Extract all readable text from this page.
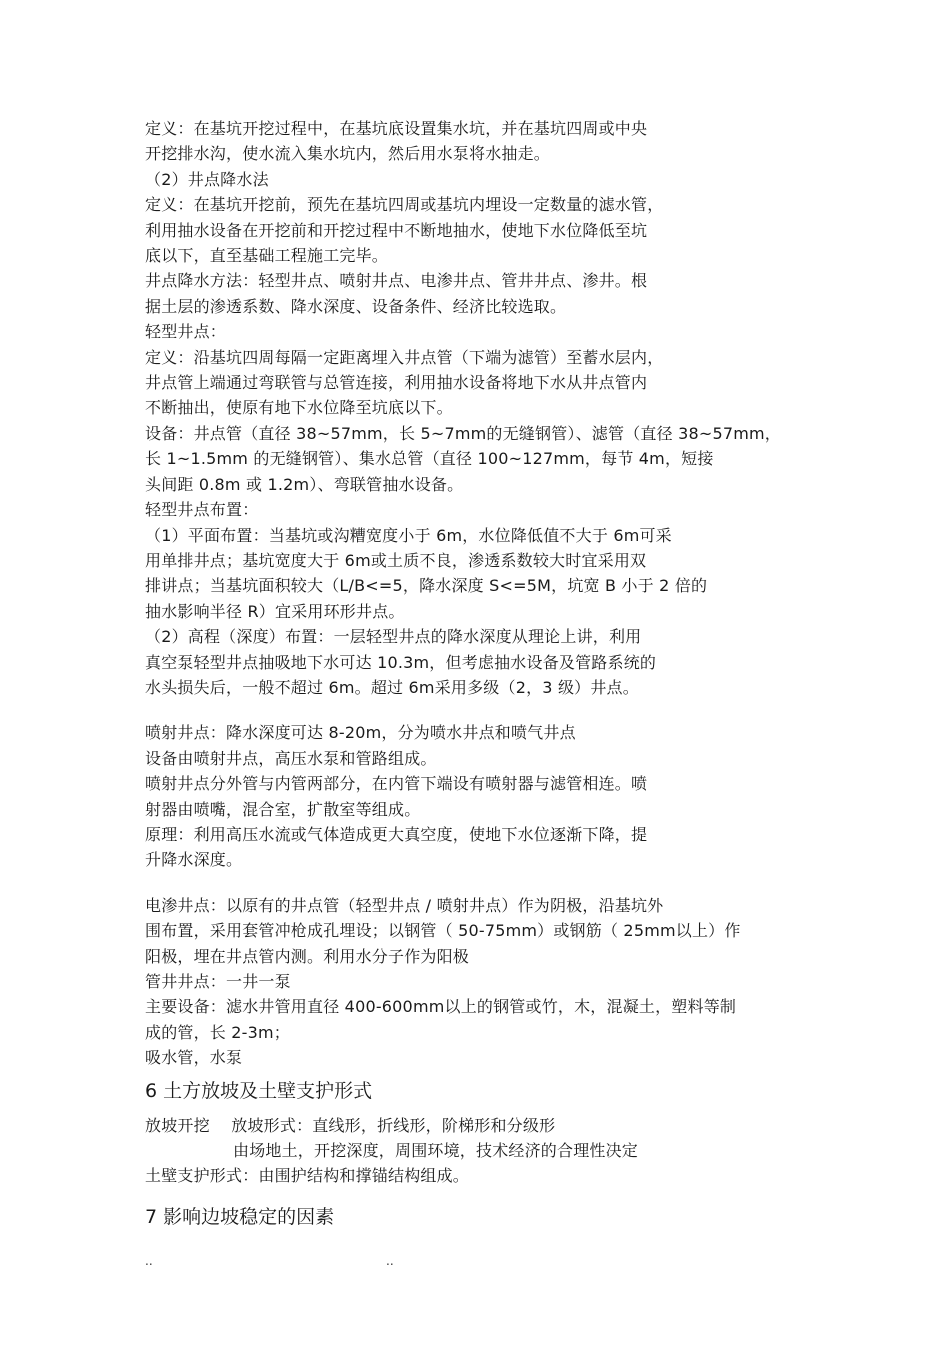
定义：在基坑开挖过程中，在基坑底设置集水坑，并在基坑四周或中央
开挖排水沟，使水流入集水坑内，然后用水泵将水抽走。
（2）井点降水法
定义：在基坑开挖前，预先在基坑四周或基坑内埋设一定数量的滤水管，
利用抽水设备在开挖前和开挖过程中不断地抽水，使地下水位降低至坑
底以下，直至基础工程施工完毕。
井点降水方法：轻型井点、喷射井点、电渗井点、管井井点、渗井。根
据土层的渗透系数、降水深度、设备条件、经济比较选取。
轻型井点：
定义：沿基坑四周每隔一定距离埋入井点管（下端为滤管）至蓄水层内，
井点管上端通过弯联管与总管连接，利用抽水设备将地下水从井点管内
不断抽出，使原有地下水位降至坑底以下。
设备：井点管（直径 38~57mm，长 5~7mm的无缝钢管）、滤管（直径 38~57mm，
长 1~1.5mm 的无缝钢管）、集水总管（直径 100~127mm，每节 4m，短接
头间距 0.8m 或 1.2m）、弯联管抽水设备。
轻型井点布置：
（1）平面布置：当基坑或沟糟宽度小于 6m，水位降低值不大于 6m可采
用单排井点；基坑宽度大于 6m或土质不良，渗透系数较大时宜采用双
排讲点；当基坑面积较大（L/B<=5，降水深度 S<=5M，坑宽 B 小于 2 倍的
抽水影响半径 R）宜采用环形井点。
（2）高程（深度）布置：一层轻型井点的降水深度从理论上讲，利用
真空泵轻型井点抽吸地下水可达 10.3m，但考虑抽水设备及管路系统的
水头损失后，一般不超过 6m。超过 6m采用多级（2，3 级）井点。
喷射井点：降水深度可达 8-20m，分为喷水井点和喷气井点
设备由喷射井点，高压水泵和管路组成。
喷射井点分外管与内管两部分，在内管下端设有喷射器与滤管相连。喷
射器由喷嘴，混合室，扩散室等组成。
原理：利用高压水流或气体造成更大真空度，使地下水位逐渐下降，提
升降水深度。
电渗井点：以原有的井点管（轻型井点 / 喷射井点）作为阴极，沿基坑外
围布置，采用套管冲枪成孔埋设；以钢管（ 50-75mm）或钢筋（ 25mm以上）作
阳极，埋在井点管内测。利用水分子作为阳极
管井井点：一井一泵
主要设备：滤水井管用直径 400-600mm以上的钢管或竹，木，混凝土，塑料等制
成的管，长 2-3m；
吸水管，水泵
6 土方放坡及土壁支护形式
放坡开挖　 放坡形式：直线形，折线形，阶梯形和分级形
由场地土，开挖深度，周围环境，技术经济的合理性决定
土壁支护形式：由围护结构和撑锚结构组成。
7 影响边坡稳定的因素
..	..
